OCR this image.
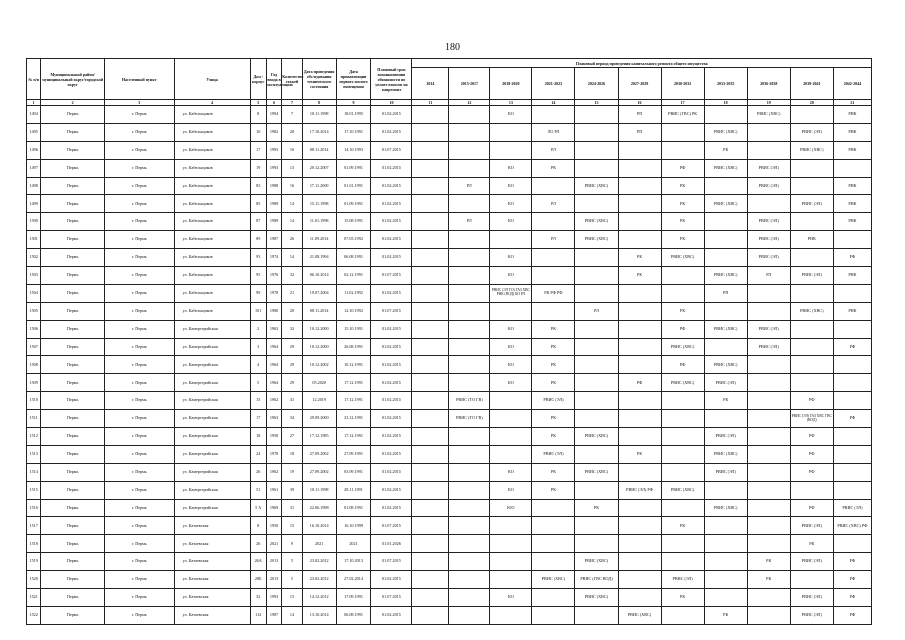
180
№ п/п	Муниципальный район/ муниципальный округ/городской округ	Населенный пункт	Улица	Дом / корпус	Год ввода в эксплуатацию	Количество этажей	Дата проведения обследования технического состояния	Дата приватизации первого жилого помещения	Плановый срок возникновения обязанности по уплате взносов на капремонт	Плановый период проведения капитального ремонта общего имущества										
										2014	2015-2017	2018-2020	2021-2023	2024-2026	2027-2029	2030-2032	2033-2035	2036-2038	2039-2041	2042-2044
1	2	3	4	5	6	7	8	9	10	11	12	13	14	15	16	17	18	19	20	21
1494	Пермь	г. Пермь	ул. Кабельщиков	8	1994	7	10.11.1998	18.01.1995	01.02.2015			КО			РП	РВИС (ГВС) РК		РВИС (ХВС)		РНК
1495	Пермь	г. Пермь	ул. Кабельщиков	10	1982	20	17.10.2014	17.10.1991	01.02.2015				ЛО РЛ		РП		РВИС (ХВС)		РВИС (ЭЛ)	РНК
1496	Пермь	г. Пермь	ул. Кабельщиков	17	1993	16	08.11.2014	14.10.1993	01.07.2015				РЛ				РК		РВИС (ХВС)	РНК
1497	Пермь	г. Пермь	ул. Кабельщиков	19	1993	13	20.12.2007	01.09.1991	01.02.2015			КО	РК			РФ	РВИС (ХВС)	РВИС (ЭЛ)		
1498	Пермь	г. Пермь	ул. Кабельщиков	83	1988	16	17.11.2000	01.01.1991	01.02.2015		РЛ	КО		РВИС (ХВС)		РК		РВИС (ЭЛ)		РНК
1499	Пермь	г. Пермь	ул. Кабельщиков	85	1989	14	15.11.1998	01.09.1991	01.02.2015			КО	РЛ			РК	РВИС (ХВС)		РВИС (ЭЛ)	РНК
1500	Пермь	г. Пермь	ул. Кабельщиков	87	1989	14	11.01.1998	15.08.1991	01.02.2015		РЛ	КО		РВИС (ХВС)		РК		РВИС (ЭЛ)		РНК
1501	Пермь	г. Пермь	ул. Кабельщиков	89	1987	26	11.09.2014	07.03.1992	01.02.2015				РЛ	РВИС (ХВС)		РК		РВИС (ЭЛ)	РНК	
1502	Пермь	г. Пермь	ул. Кабельщиков	93	1974	14	21.08.1994	06.08.1991	01.02.2015			КО			РК	РВИС (ХВС)		РВИС (ЭЛ)		РФ
1503	Пермь	г. Пермь	ул. Кабельщиков	95	1976	32	06.10.2014	02.12.1991	01.07.2015			КО			РК		РВИС (ХВС)	РЛ	РВИС (ЭЛ)	РНК
1504	Пермь	г. Пермь	ул. Кабельщиков	99	1978	21	19.07.2004	11.02.1992	01.02.2015			РВИС (ЭЛ ТО) ГАЗ ХВС РНК (ВОД) КО РЛ	РК РФ РФ				РП			
1505	Пермь	г. Пермь	ул. Кабельщиков	101	1980	20	08.11.2014	12.10.1992	01.07.2015					РЛ		РК			РВИС (ХВС)	РНК
1506	Пермь	г. Пермь	ул. Камергерийская	2	1963	32	10.12.2000	15.10.1991	01.02.2015			КО	РК			РФ	РВИС (ХВС)	РВИС (ЭЛ)		
1507	Пермь	г. Пермь	ул. Камергерийская	3	1964	29	10.12.2000	26.08.1991	01.02.2015			КО	РК			РВИС (ХВС)		РВИС (ЭЛ)		РФ
1508	Пермь	г. Пермь	ул. Камергерийская	4	1964	29	10.12.2002	10.12.1991	01.02.2015			КО	РК			РФ	РВИС (ХВС)			
1509	Пермь	г. Пермь	ул. Камергерийская	5	1964	29	05.2020	17.12.1991	01.02.2015			КО	РК		РФ	РВИС (ХВС)	РВИС (ЭЛ)			
1510	Пермь	г. Пермь	ул. Камергерийская	15	1962	41	12.2019	17.12.1991	01.02.2015		РВИС (ТО ГВ)		РВИС (ЭЛ)				РК		РФ	
1511	Пермь	г. Пермь	ул. Камергерийская	17	1963	34	29.09.2000	23.12.1991	01.02.2015		РВИС (ТО ГВ)		РК						РВИС (ЭЛ) ГАЗ ХВС ГВС (ВОД)	РФ
1512	Пермь	г. Пермь	ул. Камергерийская	18	1958	27	17.12.1985	17.12.1991	01.02.2015				РК	РВИС (ХВС)			РВИС (ЭЛ)		РФ	
1513	Пермь	г. Пермь	ул. Камергерийская	24	1978	18	27.09.2002	27.09.1991	01.02.2015				РВИС (ЭЛ)		РК		РВИС (ХВС)		РФ	
1514	Пермь	г. Пермь	ул. Камергерийская	26	1962	19	27.09.2002	03.09.1991	01.02.2015			КО	РК	РВИС (ХВС)			РВИС (ЭЛ)		РФ	
1515	Пермь	г. Пермь	ул. Камергерийская	51	1961	39	10.11.1998	28.11.1991	01.02.2015			КО	РК		РВИС (ЭЛ) РФ	РВИС (ХВС)				
1516	Пермь	г. Пермь	ул. Камергерийская	5 А	1969	31	22.06.1998	01.08.1991	01.02.2015			ЮО		РК			РВИС (ХВС)		РФ	РВИС (ЭЛ)
1517	Пермь	г. Пермь	ул. Катаевская	8	1950	15	16.10.2014	16.10.1999	01.07.2015							РК			РВИС (ЭЛ)	РВИС (ХВС) РФ
1518	Пермь	г. Пермь	ул. Катаевская	26	2021	9	2021	2021	01.01.2026										РК	
1519	Пермь	г. Пермь	ул. Катаевская	26А	2013	5	23.02.2012	17.10.2013	01.07.2015					РВИС (ХВС)				РК	РВИС (ЭЛ)	РФ
1520	Пермь	г. Пермь	ул. Катаевская	28Б	2013	5	23.02.2012	27.02.2014	01.02.2015				РВИС (ХВС)	РВИС (ГВС ВОД)		РВИС (ЭЛ)		РК		РФ
1521	Пермь	г. Пермь	ул. Катаевская	32	1993	13	14.12.2012	17.09.1991	01.07.2015			КО		РВИС (ХВС)		РК			РВИС (ЭЛ)	РФ
1522	Пермь	г. Пермь	ул. Катаевская	112	1987	14	13.10.2014	06.08.1991	01.02.2015						РВИС (ХВС)		РК		РВИС (ЭЛ)	РФ
